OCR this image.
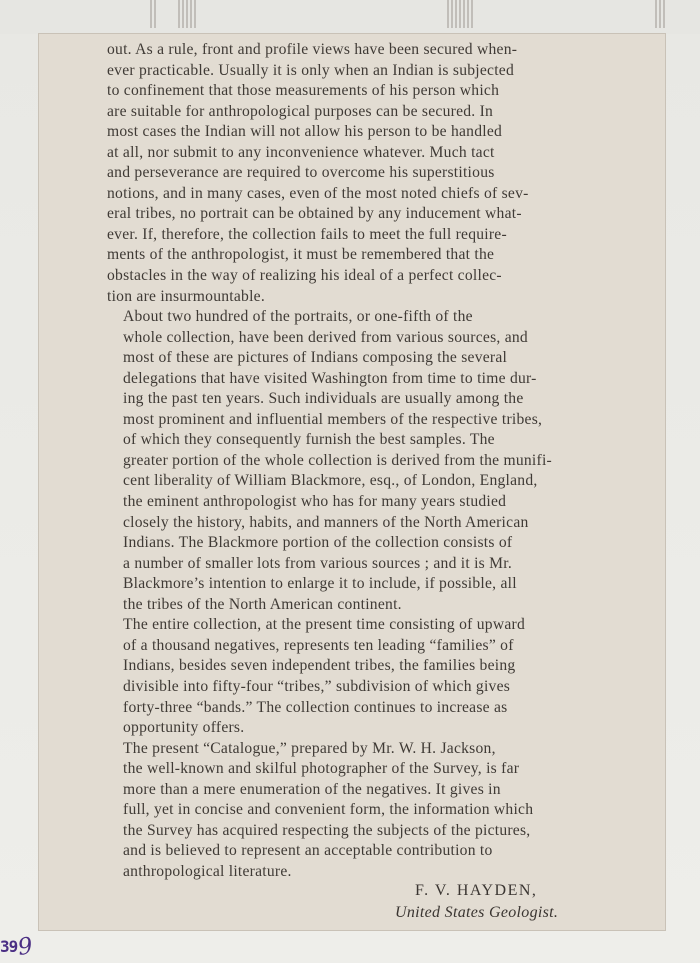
out. As a rule, front and profile views have been secured when-
ever practicable. Usually it is only when an Indian is subjected
to confinement that those measurements of his person which
are suitable for anthropological purposes can be secured. In
most cases the Indian will not allow his person to be handled
at all, nor submit to any inconvenience whatever. Much tact
and perseverance are required to overcome his superstitious
notions, and in many cases, even of the most noted chiefs of sev-
eral tribes, no portrait can be obtained by any inducement what-
ever. If, therefore, the collection fails to meet the full require-
ments of the anthropologist, it must be remembered that the
obstacles in the way of realizing his ideal of a perfect collec-
tion are insurmountable.

About two hundred of the portraits, or one-fifth of the
whole collection, have been derived from various sources, and
most of these are pictures of Indians composing the several
delegations that have visited Washington from time to time dur-
ing the past ten years. Such individuals are usually among the
most prominent and influential members of the respective tribes,
of which they consequently furnish the best samples. The
greater portion of the whole collection is derived from the munifi-
cent liberality of William Blackmore, esq., of London, England,
the eminent anthropologist who has for many years studied
closely the history, habits, and manners of the North American
Indians. The Blackmore portion of the collection consists of
a number of smaller lots from various sources ; and it is Mr.
Blackmore’s intention to enlarge it to include, if possible, all
the tribes of the North American continent.

The entire collection, at the present time consisting of upward
of a thousand negatives, represents ten leading “families” of
Indians, besides seven independent tribes, the families being
divisible into fifty-four “tribes,” subdivision of which gives
forty-three “bands.” The collection continues to increase as
opportunity offers.

The present “Catalogue,” prepared by Mr. W. H. Jackson,
the well-known and skilful photographer of the Survey, is far
more than a mere enumeration of the negatives. It gives in
full, yet in concise and convenient form, the information which
the Survey has acquired respecting the subjects of the pictures,
and is believed to represent an acceptable contribution to
anthropological literature.

F. V. HAYDEN,
United States Geologist.
39
9
